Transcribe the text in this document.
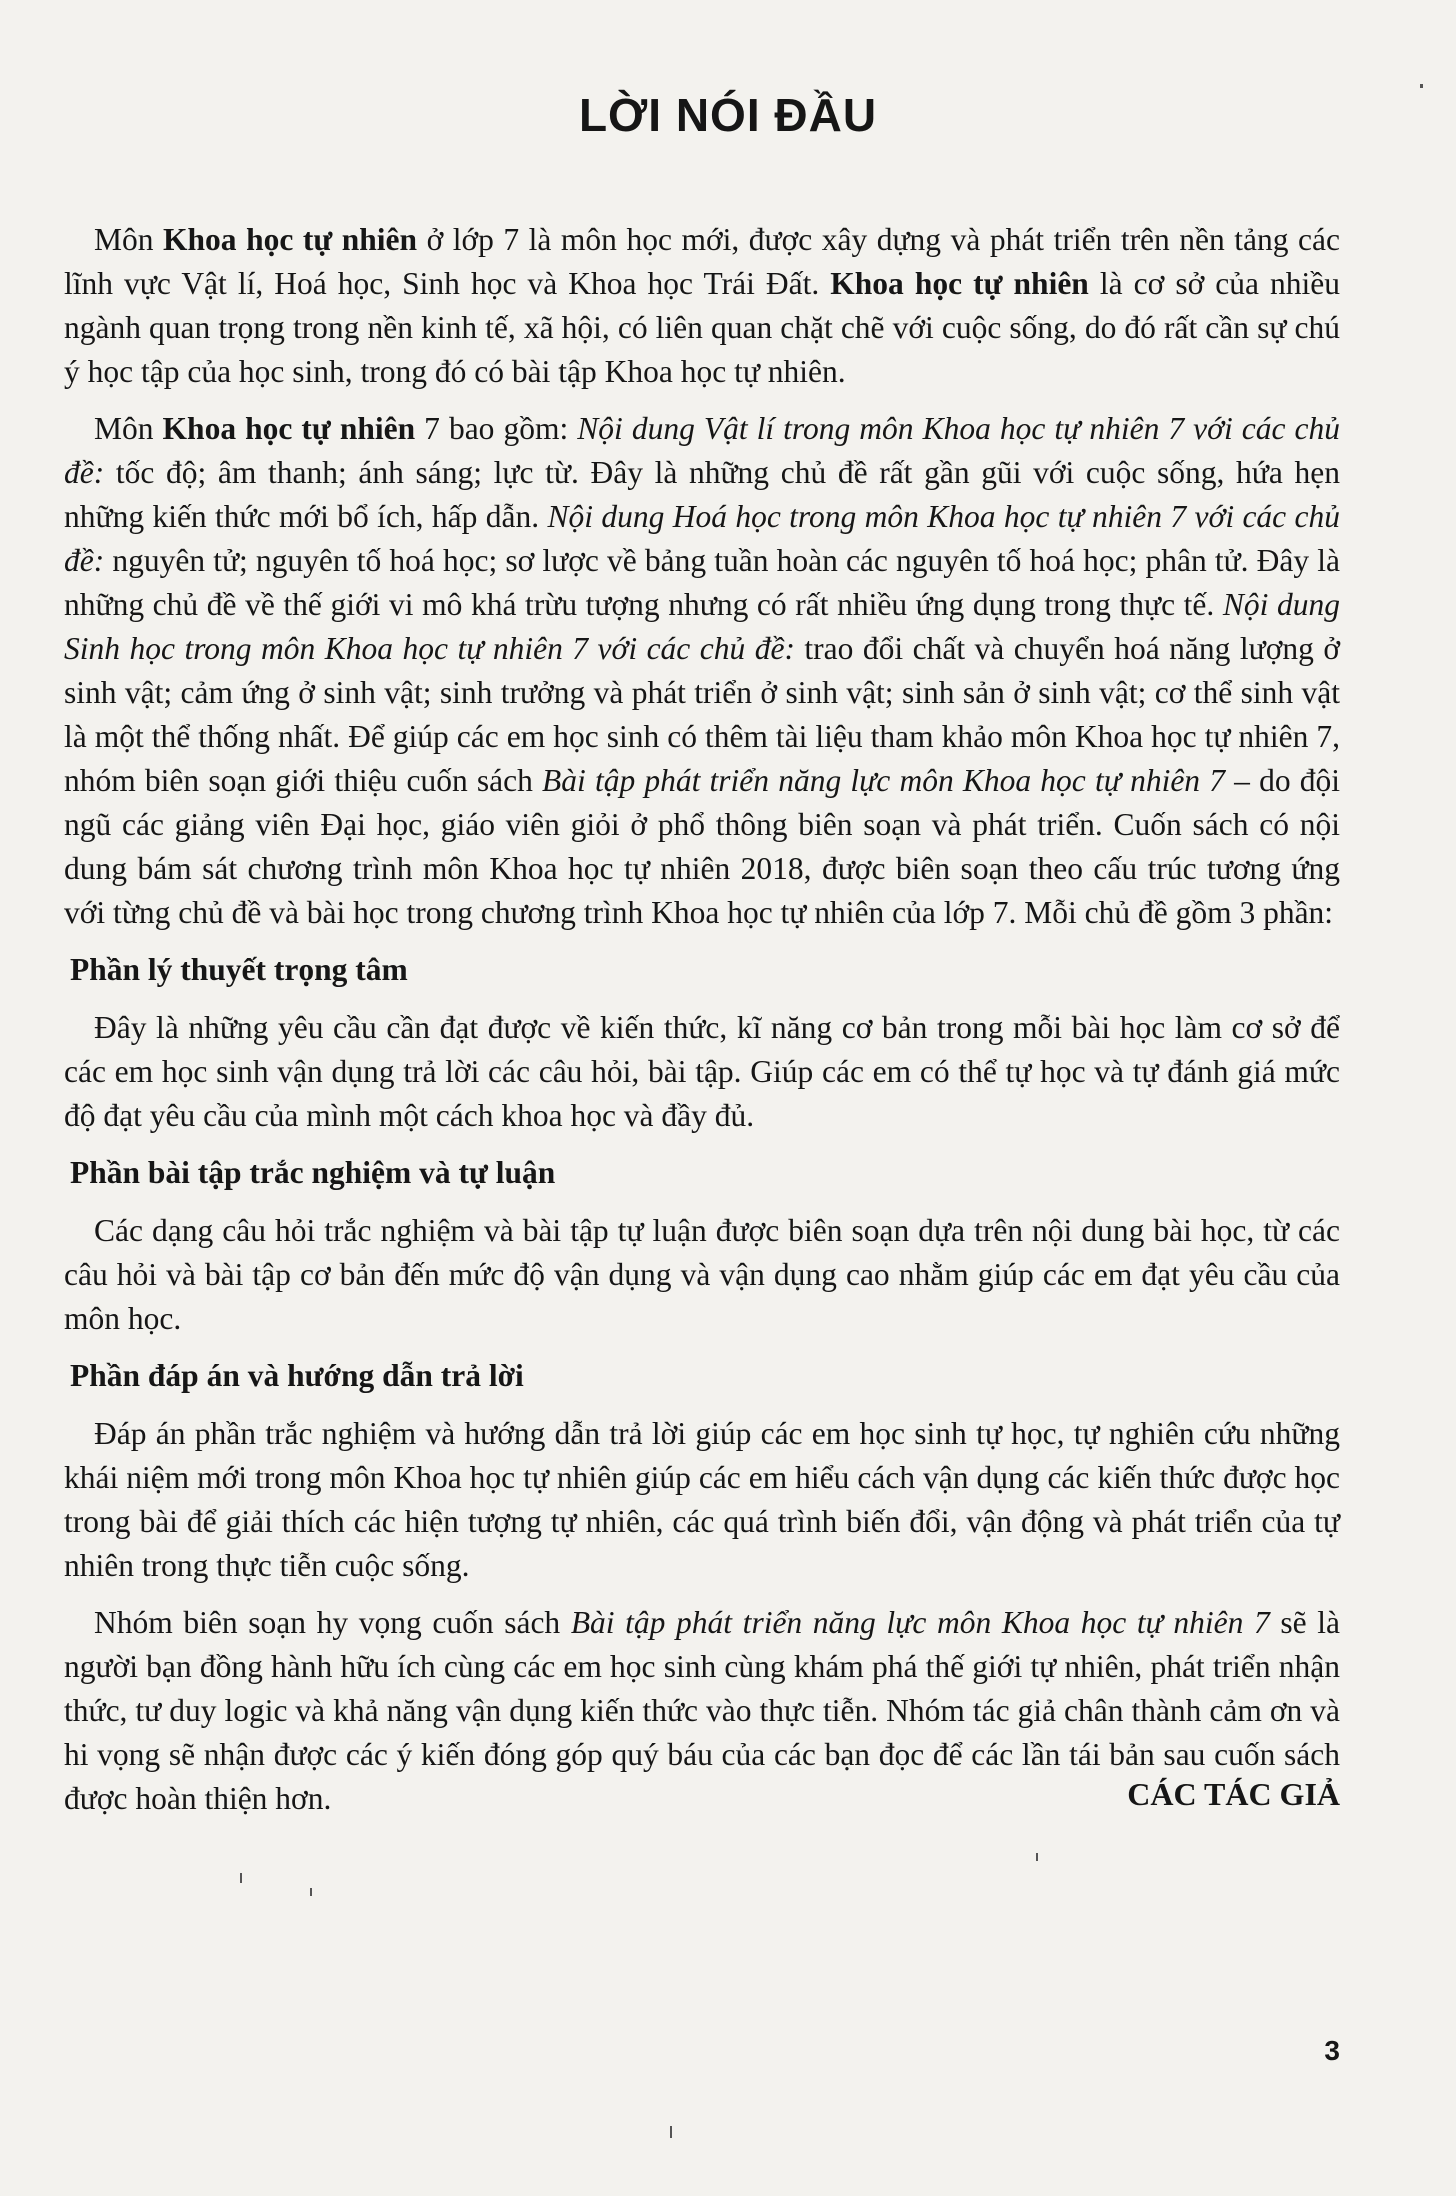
LỜI NÓI ĐẦU

Môn Khoa học tự nhiên ở lớp 7 là môn học mới, được xây dựng và phát triển trên nền tảng các lĩnh vực Vật lí, Hoá học, Sinh học và Khoa học Trái Đất. Khoa học tự nhiên là cơ sở của nhiều ngành quan trọng trong nền kinh tế, xã hội, có liên quan chặt chẽ với cuộc sống, do đó rất cần sự chú ý học tập của học sinh, trong đó có bài tập Khoa học tự nhiên.

Môn Khoa học tự nhiên 7 bao gồm: Nội dung Vật lí trong môn Khoa học tự nhiên 7 với các chủ đề: tốc độ; âm thanh; ánh sáng; lực từ. Đây là những chủ đề rất gần gũi với cuộc sống, hứa hẹn những kiến thức mới bổ ích, hấp dẫn. Nội dung Hoá học trong môn Khoa học tự nhiên 7 với các chủ đề: nguyên tử; nguyên tố hoá học; sơ lược về bảng tuần hoàn các nguyên tố hoá học; phân tử. Đây là những chủ đề về thế giới vi mô khá trừu tượng nhưng có rất nhiều ứng dụng trong thực tế. Nội dung Sinh học trong môn Khoa học tự nhiên 7 với các chủ đề: trao đổi chất và chuyển hoá năng lượng ở sinh vật; cảm ứng ở sinh vật; sinh trưởng và phát triển ở sinh vật; sinh sản ở sinh vật; cơ thể sinh vật là một thể thống nhất. Để giúp các em học sinh có thêm tài liệu tham khảo môn Khoa học tự nhiên 7, nhóm biên soạn giới thiệu cuốn sách Bài tập phát triển năng lực môn Khoa học tự nhiên 7 – do đội ngũ các giảng viên Đại học, giáo viên giỏi ở phổ thông biên soạn và phát triển. Cuốn sách có nội dung bám sát chương trình môn Khoa học tự nhiên 2018, được biên soạn theo cấu trúc tương ứng với từng chủ đề và bài học trong chương trình Khoa học tự nhiên của lớp 7. Mỗi chủ đề gồm 3 phần:

Phần lý thuyết trọng tâm

Đây là những yêu cầu cần đạt được về kiến thức, kĩ năng cơ bản trong mỗi bài học làm cơ sở để các em học sinh vận dụng trả lời các câu hỏi, bài tập. Giúp các em có thể tự học và tự đánh giá mức độ đạt yêu cầu của mình một cách khoa học và đầy đủ.

Phần bài tập trắc nghiệm và tự luận

Các dạng câu hỏi trắc nghiệm và bài tập tự luận được biên soạn dựa trên nội dung bài học, từ các câu hỏi và bài tập cơ bản đến mức độ vận dụng và vận dụng cao nhằm giúp các em đạt yêu cầu của môn học.

Phần đáp án và hướng dẫn trả lời

Đáp án phần trắc nghiệm và hướng dẫn trả lời giúp các em học sinh tự học, tự nghiên cứu những khái niệm mới trong môn Khoa học tự nhiên giúp các em hiểu cách vận dụng các kiến thức được học trong bài để giải thích các hiện tượng tự nhiên, các quá trình biến đổi, vận động và phát triển của tự nhiên trong thực tiễn cuộc sống.

Nhóm biên soạn hy vọng cuốn sách Bài tập phát triển năng lực môn Khoa học tự nhiên 7 sẽ là người bạn đồng hành hữu ích cùng các em học sinh cùng khám phá thế giới tự nhiên, phát triển nhận thức, tư duy logic và khả năng vận dụng kiến thức vào thực tiễn. Nhóm tác giả chân thành cảm ơn và hi vọng sẽ nhận được các ý kiến đóng góp quý báu của các bạn đọc để các lần tái bản sau cuốn sách được hoàn thiện hơn.	CÁC TÁC GIẢ

3
